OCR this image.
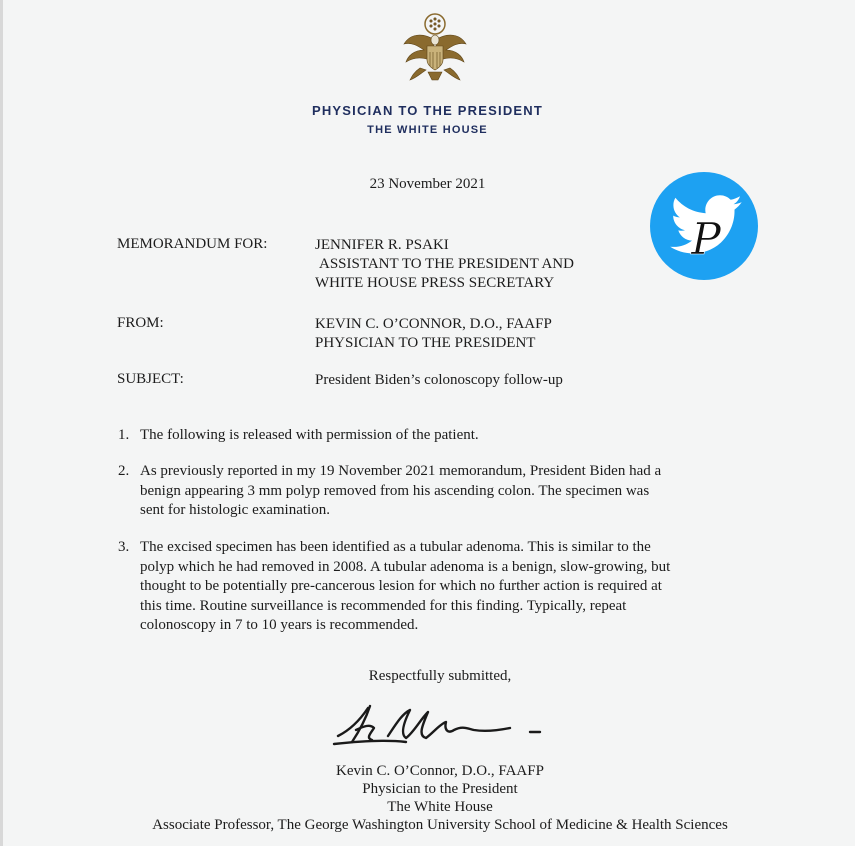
PHYSICIAN TO THE PRESIDENT
THE WHITE HOUSE
23 November 2021
P
MEMORANDUM FOR:	JENNIFER R. PSAKI
ASSISTANT TO THE PRESIDENT AND
WHITE HOUSE PRESS SECRETARY
FROM:	KEVIN C. O’CONNOR, D.O., FAAFP
PHYSICIAN TO THE PRESIDENT
SUBJECT:	President Biden’s colonoscopy follow-up
1. The following is released with permission of the patient.
2. As previously reported in my 19 November 2021 memorandum, President Biden had a
benign appearing 3 mm polyp removed from his ascending colon. The specimen was
sent for histologic examination.
3. The excised specimen has been identified as a tubular adenoma. This is similar to the
polyp which he had removed in 2008. A tubular adenoma is a benign, slow-growing, but
thought to be potentially pre-cancerous lesion for which no further action is required at
this time. Routine surveillance is recommended for this finding. Typically, repeat
colonoscopy in 7 to 10 years is recommended.
Respectfully submitted,
Kevin C. O’Connor, D.O., FAAFP
Physician to the President
The White House
Associate Professor, The George Washington University School of Medicine & Health Sciences
